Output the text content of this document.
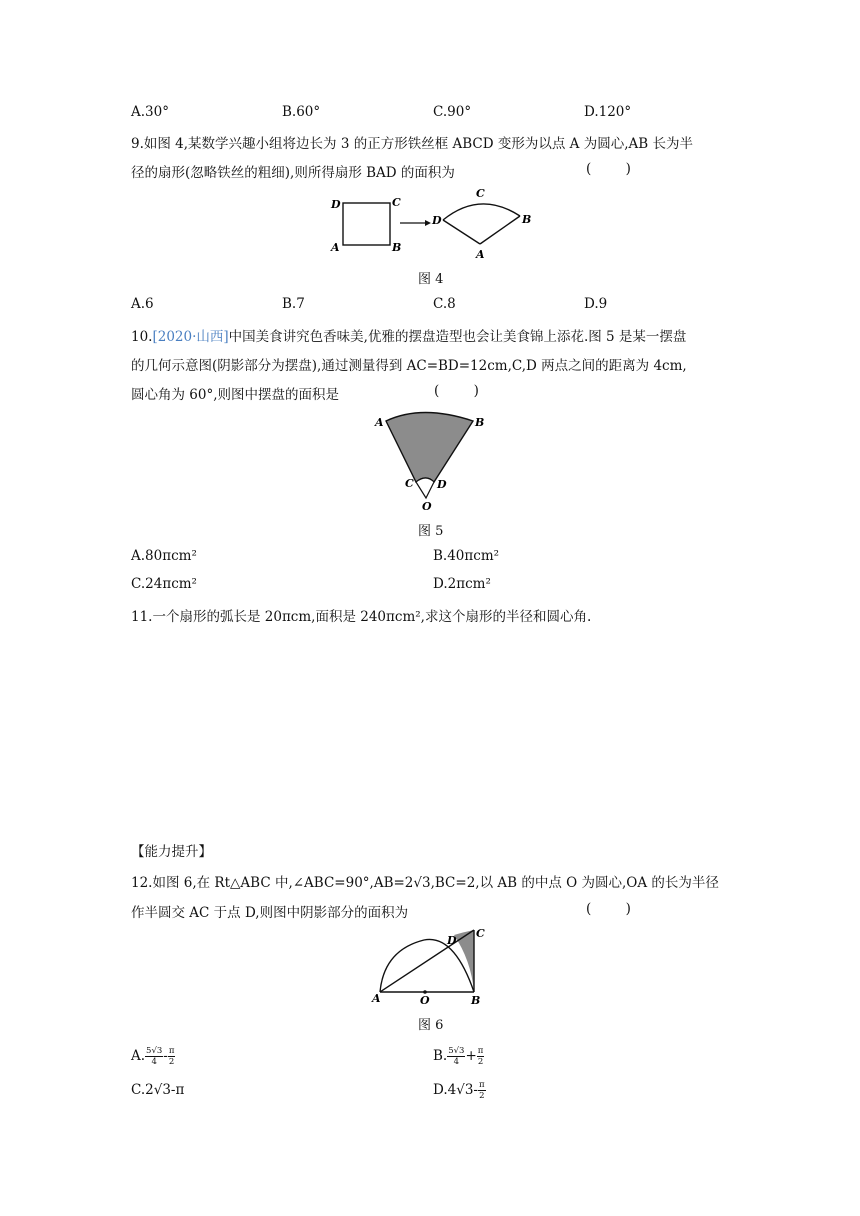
A.30°	B.60°	C.90°	D.120°
9.如图 4,某数学兴趣小组将边长为 3 的正方形铁丝框 ABCD 变形为以点 A 为圆心,AB 长为半
径的扇形(忽略铁丝的粗细),则所得扇形 BAD 的面积为	(        )
D	C
A	B
C
D	B
A
图 4
A.6	B.7	C.8	D.9
10.[2020·山西]中国美食讲究色香味美,优雅的摆盘造型也会让美食锦上添花.图 5 是某一摆盘
的几何示意图(阴影部分为摆盘),通过测量得到 AC=BD=12cm,C,D 两点之间的距离为 4cm,
圆心角为 60°,则图中摆盘的面积是	(        )
A	B
C D
O
图 5
A.80πcm²	B.40πcm²
C.24πcm²	D.2πcm²
11.一个扇形的弧长是 20πcm,面积是 240πcm²,求这个扇形的半径和圆心角.
【能力提升】
12.如图 6,在 Rt△ABC 中,∠ABC=90°,AB=2√3,BC=2,以 AB 的中点 O 为圆心,OA 的长为半径
作半圆交 AC 于点 D,则图中阴影部分的面积为	(        )
D
C
A	O	B
图 6
A. $\frac{5√3}{4} - \frac{\pi}{2}$	B. $\frac{5√3}{4} + \frac{\pi}{2}$
C.2√3-π	$D.4√3- \frac{\pi}{2}$
